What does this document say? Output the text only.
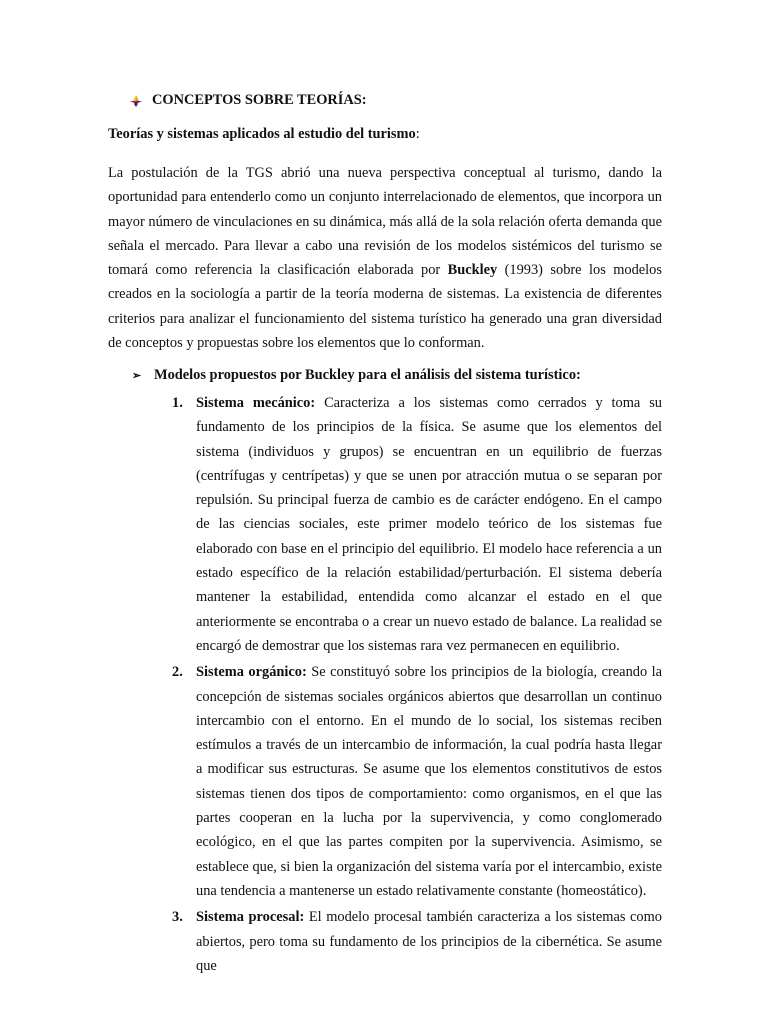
CONCEPTOS SOBRE TEORÍAS:
Teorías y sistemas aplicados al estudio del turismo:

La postulación de la TGS abrió una nueva perspectiva conceptual al turismo, dando la oportunidad para entenderlo como un conjunto interrelacionado de elementos, que incorpora un mayor número de vinculaciones en su dinámica, más allá de la sola relación oferta demanda que señala el mercado. Para llevar a cabo una revisión de los modelos sistémicos del turismo se tomará como referencia la clasificación elaborada por Buckley (1993) sobre los modelos creados en la sociología a partir de la teoría moderna de sistemas. La existencia de diferentes criterios para analizar el funcionamiento del sistema turístico ha generado una gran diversidad de conceptos y propuestas sobre los elementos que lo conforman.

➢ Modelos propuestos por Buckley para el análisis del sistema turístico:
1. Sistema mecánico: Caracteriza a los sistemas como cerrados y toma su fundamento de los principios de la física. Se asume que los elementos del sistema (individuos y grupos) se encuentran en un equilibrio de fuerzas (centrífugas y centrípetas) y que se unen por atracción mutua o se separan por repulsión. Su principal fuerza de cambio es de carácter endógeno. En el campo de las ciencias sociales, este primer modelo teórico de los sistemas fue elaborado con base en el principio del equilibrio. El modelo hace referencia a un estado específico de la relación estabilidad/perturbación. El sistema debería mantener la estabilidad, entendida como alcanzar el estado en el que anteriormente se encontraba o a crear un nuevo estado de balance. La realidad se encargó de demostrar que los sistemas rara vez permanecen en equilibrio.
2. Sistema orgánico: Se constituyó sobre los principios de la biología, creando la concepción de sistemas sociales orgánicos abiertos que desarrollan un continuo intercambio con el entorno. En el mundo de lo social, los sistemas reciben estímulos a través de un intercambio de información, la cual podría hasta llegar a modificar sus estructuras. Se asume que los elementos constitutivos de estos sistemas tienen dos tipos de comportamiento: como organismos, en el que las partes cooperan en la lucha por la supervivencia, y como conglomerado ecológico, en el que las partes compiten por la supervivencia. Asimismo, se establece que, si bien la organización del sistema varía por el intercambio, existe una tendencia a mantenerse un estado relativamente constante (homeostático).
3. Sistema procesal: El modelo procesal también caracteriza a los sistemas como abiertos, pero toma su fundamento de los principios de la cibernética. Se asume que
